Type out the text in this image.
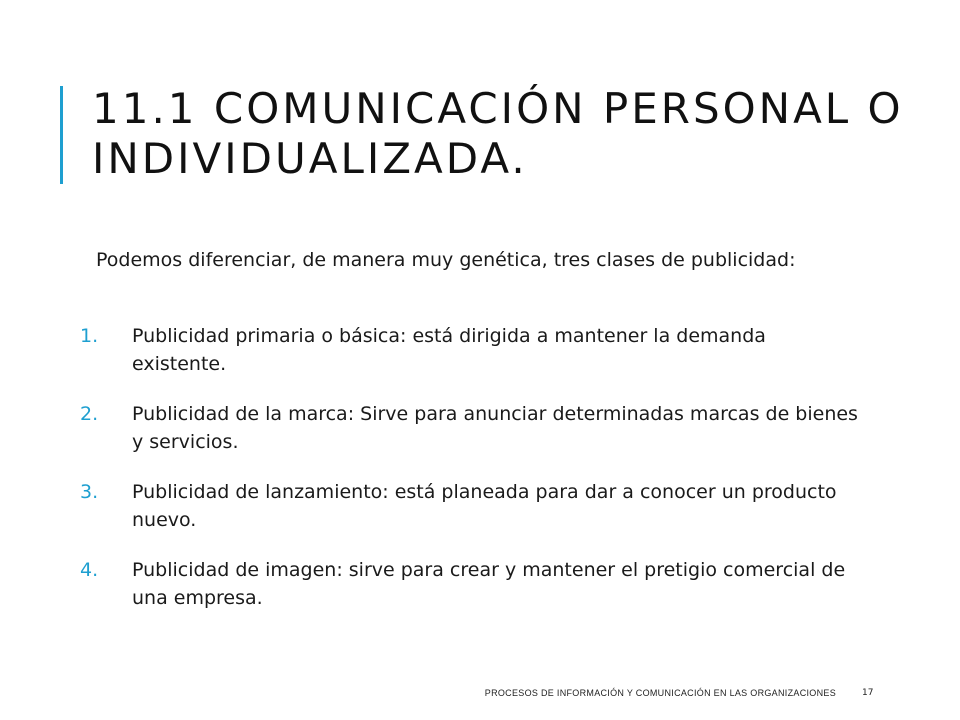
11.1 COMUNICACIÓN PERSONAL O INDIVIDUALIZADA.

Podemos diferenciar, de manera muy genética, tres clases de publicidad:

1. Publicidad primaria o básica: está dirigida a mantener la demanda existente.
2. Publicidad de la marca: Sirve para anunciar determinadas marcas de bienes y servicios.
3. Publicidad de lanzamiento: está planeada para dar a conocer un producto nuevo.
4. Publicidad de imagen: sirve para crear y mantener el pretigio comercial de una empresa.
PROCESOS DE INFORMACIÓN Y COMUNICACIÓN EN LAS ORGANIZACIONES	17
